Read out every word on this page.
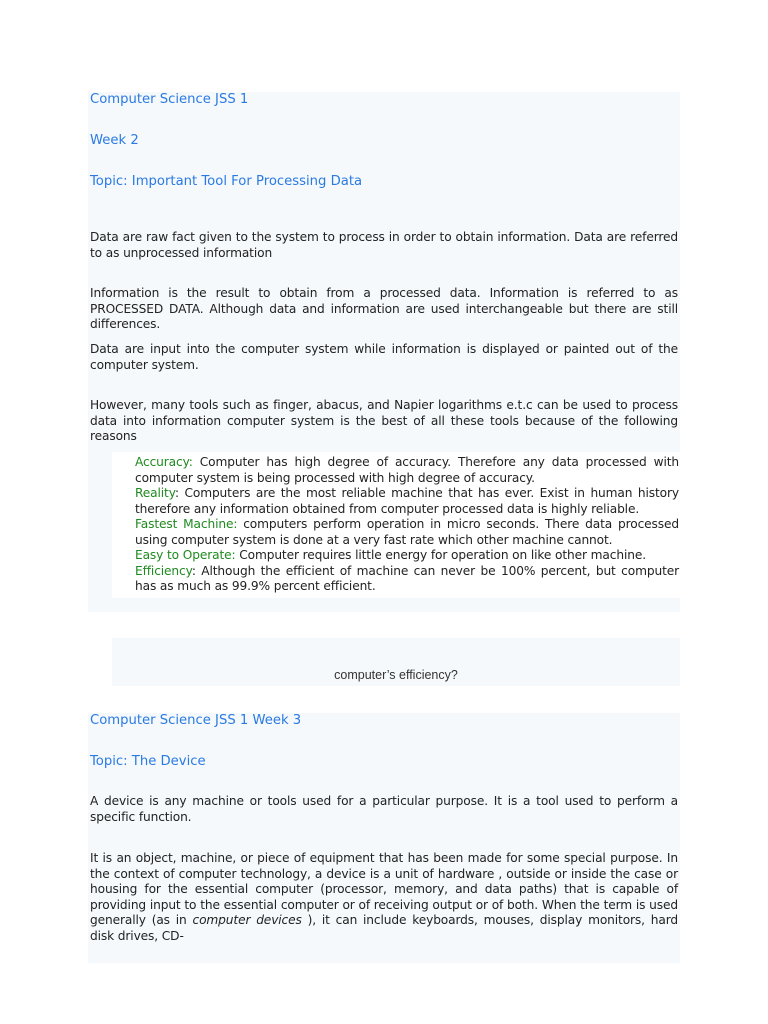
Computer Science JSS 1
Week 2
Topic: Important Tool For Processing Data

Data are raw fact given to the system to process in order to obtain information. Data are referred to as unprocessed information

Information is the result to obtain from a processed data. Information is referred to as PROCESSED DATA. Although data and information are used interchangeable but there are still differences.

Data are input into the computer system while information is displayed or painted out of the computer system.

However, many tools such as finger, abacus, and Napier logarithms e.t.c can be used to process data into information computer system is the best of all these tools because of the following reasons

Accuracy: Computer has high degree of accuracy. Therefore any data processed with computer system is being processed with high degree of accuracy.
Reality: Computers are the most reliable machine that has ever. Exist in human history therefore any information obtained from computer processed data is highly reliable.
Fastest Machine: computers perform operation in micro seconds. There data processed using computer system is done at a very fast rate which other machine cannot.
Easy to Operate: Computer requires little energy for operation on like other machine.
Efficiency: Although the efficient of machine can never be 100% percent, but computer has as much as 99.9% percent efficient.

computer’s efficiency?

Computer Science JSS 1 Week 3
Topic: The Device

A device is any machine or tools used for a particular purpose. It is a tool used to perform a specific function.

It is an object, machine, or piece of equipment that has been made for some special purpose. In the context of computer technology, a device is a unit of hardware , outside or inside the case or housing for the essential computer (processor, memory, and data paths) that is capable of providing input to the essential computer or of receiving output or of both. When the term is used generally (as in computer devices ), it can include keyboards, mouses, display monitors, hard disk drives, CD-
